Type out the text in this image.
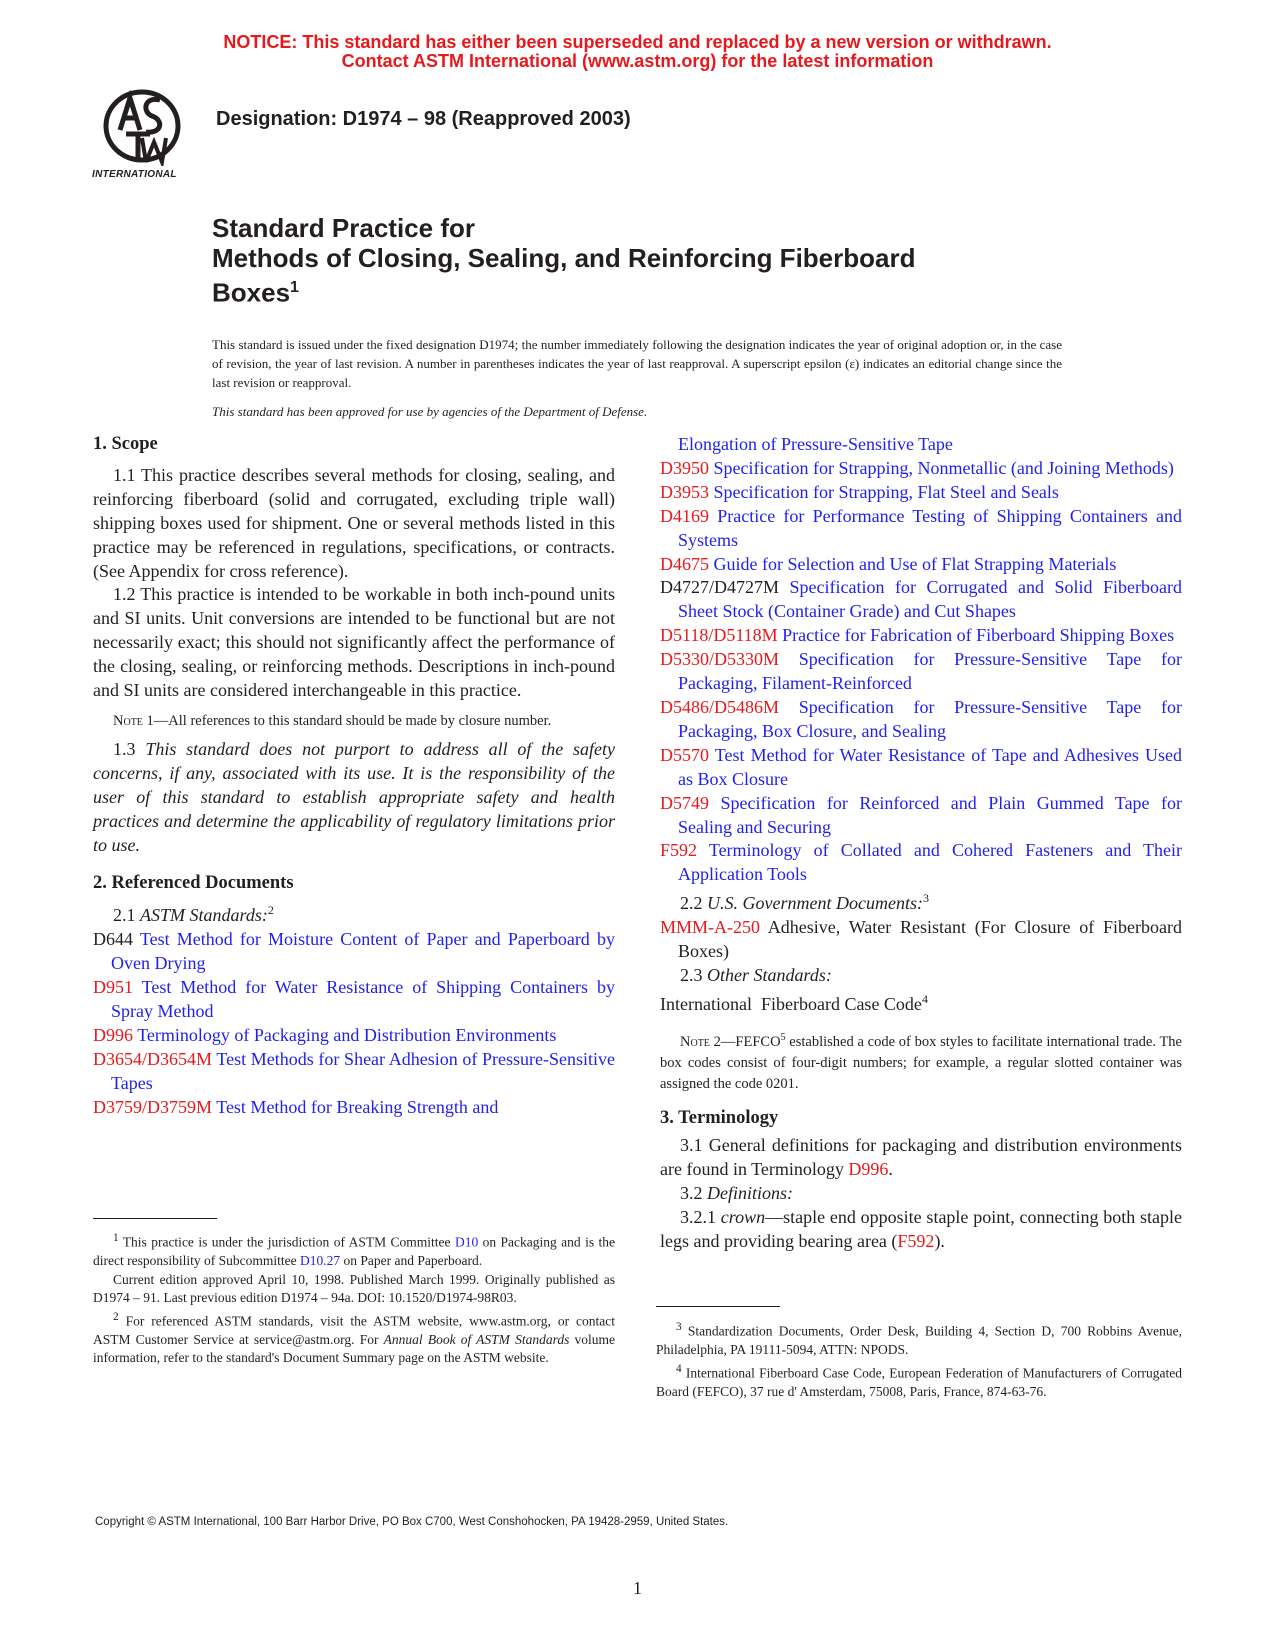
NOTICE: This standard has either been superseded and replaced by a new version or withdrawn.
Contact ASTM International (www.astm.org) for the latest information
INTERNATIONAL
Designation: D1974 – 98 (Reapproved 2003)
Standard Practice for
Methods of Closing, Sealing, and Reinforcing Fiberboard
Boxes$^1$
This standard is issued under the fixed designation D1974; the number immediately following the designation indicates the year of original adoption or, in the case of revision, the year of last revision. A number in parentheses indicates the year of last reapproval. A superscript epsilon (ε) indicates an editorial change since the last revision or reapproval.
This standard has been approved for use by agencies of the Department of Defense.

1. Scope

1.1 This practice describes several methods for closing, sealing, and reinforcing fiberboard (solid and corrugated, excluding triple wall) shipping boxes used for shipment. One or several methods listed in this practice may be referenced in regulations, specifications, or contracts. (See Appendix for cross reference).

1.2 This practice is intended to be workable in both inch-pound units and SI units. Unit conversions are intended to be functional but are not necessarily exact; this should not significantly affect the performance of the closing, sealing, or reinforcing methods. Descriptions in inch-pound and SI units are considered interchangeable in this practice.

Note 1—All references to this standard should be made by closure number.

1.3 This standard does not purport to address all of the safety concerns, if any, associated with its use. It is the responsibility of the user of this standard to establish appropriate safety and health practices and determine the applicability of regulatory limitations prior to use.

2. Referenced Documents

2.1 ASTM Standards:$^2$

D644 Test Method for Moisture Content of Paper and Paperboard by Oven Drying

D951 Test Method for Water Resistance of Shipping Containers by Spray Method

D996 Terminology of Packaging and Distribution Environments

D3654/D3654M Test Methods for Shear Adhesion of Pressure-Sensitive Tapes

D3759/D3759M Test Method for Breaking Strength and

$^1$ This practice is under the jurisdiction of ASTM Committee D10 on Packaging and is the direct responsibility of Subcommittee D10.27 on Paper and Paperboard.

Current edition approved April 10, 1998. Published March 1999. Originally published as D1974 – 91. Last previous edition D1974 – 94a. DOI: 10.1520/D1974-98R03.

$^2$ For referenced ASTM standards, visit the ASTM website, www.astm.org, or contact ASTM Customer Service at service@astm.org. For Annual Book of ASTM Standards volume information, refer to the standard's Document Summary page on the ASTM website.

Elongation of Pressure-Sensitive Tape

D3950 Specification for Strapping, Nonmetallic (and Joining Methods)

D3953 Specification for Strapping, Flat Steel and Seals

D4169 Practice for Performance Testing of Shipping Containers and Systems

D4675 Guide for Selection and Use of Flat Strapping Materials

D4727/D4727M Specification for Corrugated and Solid Fiberboard Sheet Stock (Container Grade) and Cut Shapes

D5118/D5118M Practice for Fabrication of Fiberboard Shipping Boxes

D5330/D5330M Specification for Pressure-Sensitive Tape for Packaging, Filament-Reinforced

D5486/D5486M Specification for Pressure-Sensitive Tape for Packaging, Box Closure, and Sealing

D5570 Test Method for Water Resistance of Tape and Adhesives Used as Box Closure

D5749 Specification for Reinforced and Plain Gummed Tape for Sealing and Securing

F592 Terminology of Collated and Cohered Fasteners and Their Application Tools

2.2 U.S. Government Documents:$^3$

MMM-A-250 Adhesive, Water Resistant (For Closure of Fiberboard Boxes)

2.3 Other Standards:

International  Fiberboard Case Code$^4$

Note 2—FEFCO$^5$ established a code of box styles to facilitate international trade. The box codes consist of four-digit numbers; for example, a regular slotted container was assigned the code 0201.

3. Terminology

3.1 General definitions for packaging and distribution environments are found in Terminology D996.

3.2 Definitions:

3.2.1 crown—staple end opposite staple point, connecting both staple legs and providing bearing area (F592).

$^3$ Standardization Documents, Order Desk, Building 4, Section D, 700 Robbins Avenue, Philadelphia, PA 19111-5094, ATTN: NPODS.

$^4$ International Fiberboard Case Code, European Federation of Manufacturers of Corrugated Board (FEFCO), 37 rue d' Amsterdam, 75008, Paris, France, 874-63-76.

Copyright © ASTM International, 100 Barr Harbor Drive, PO Box C700, West Conshohocken, PA 19428-2959, United States.
1
